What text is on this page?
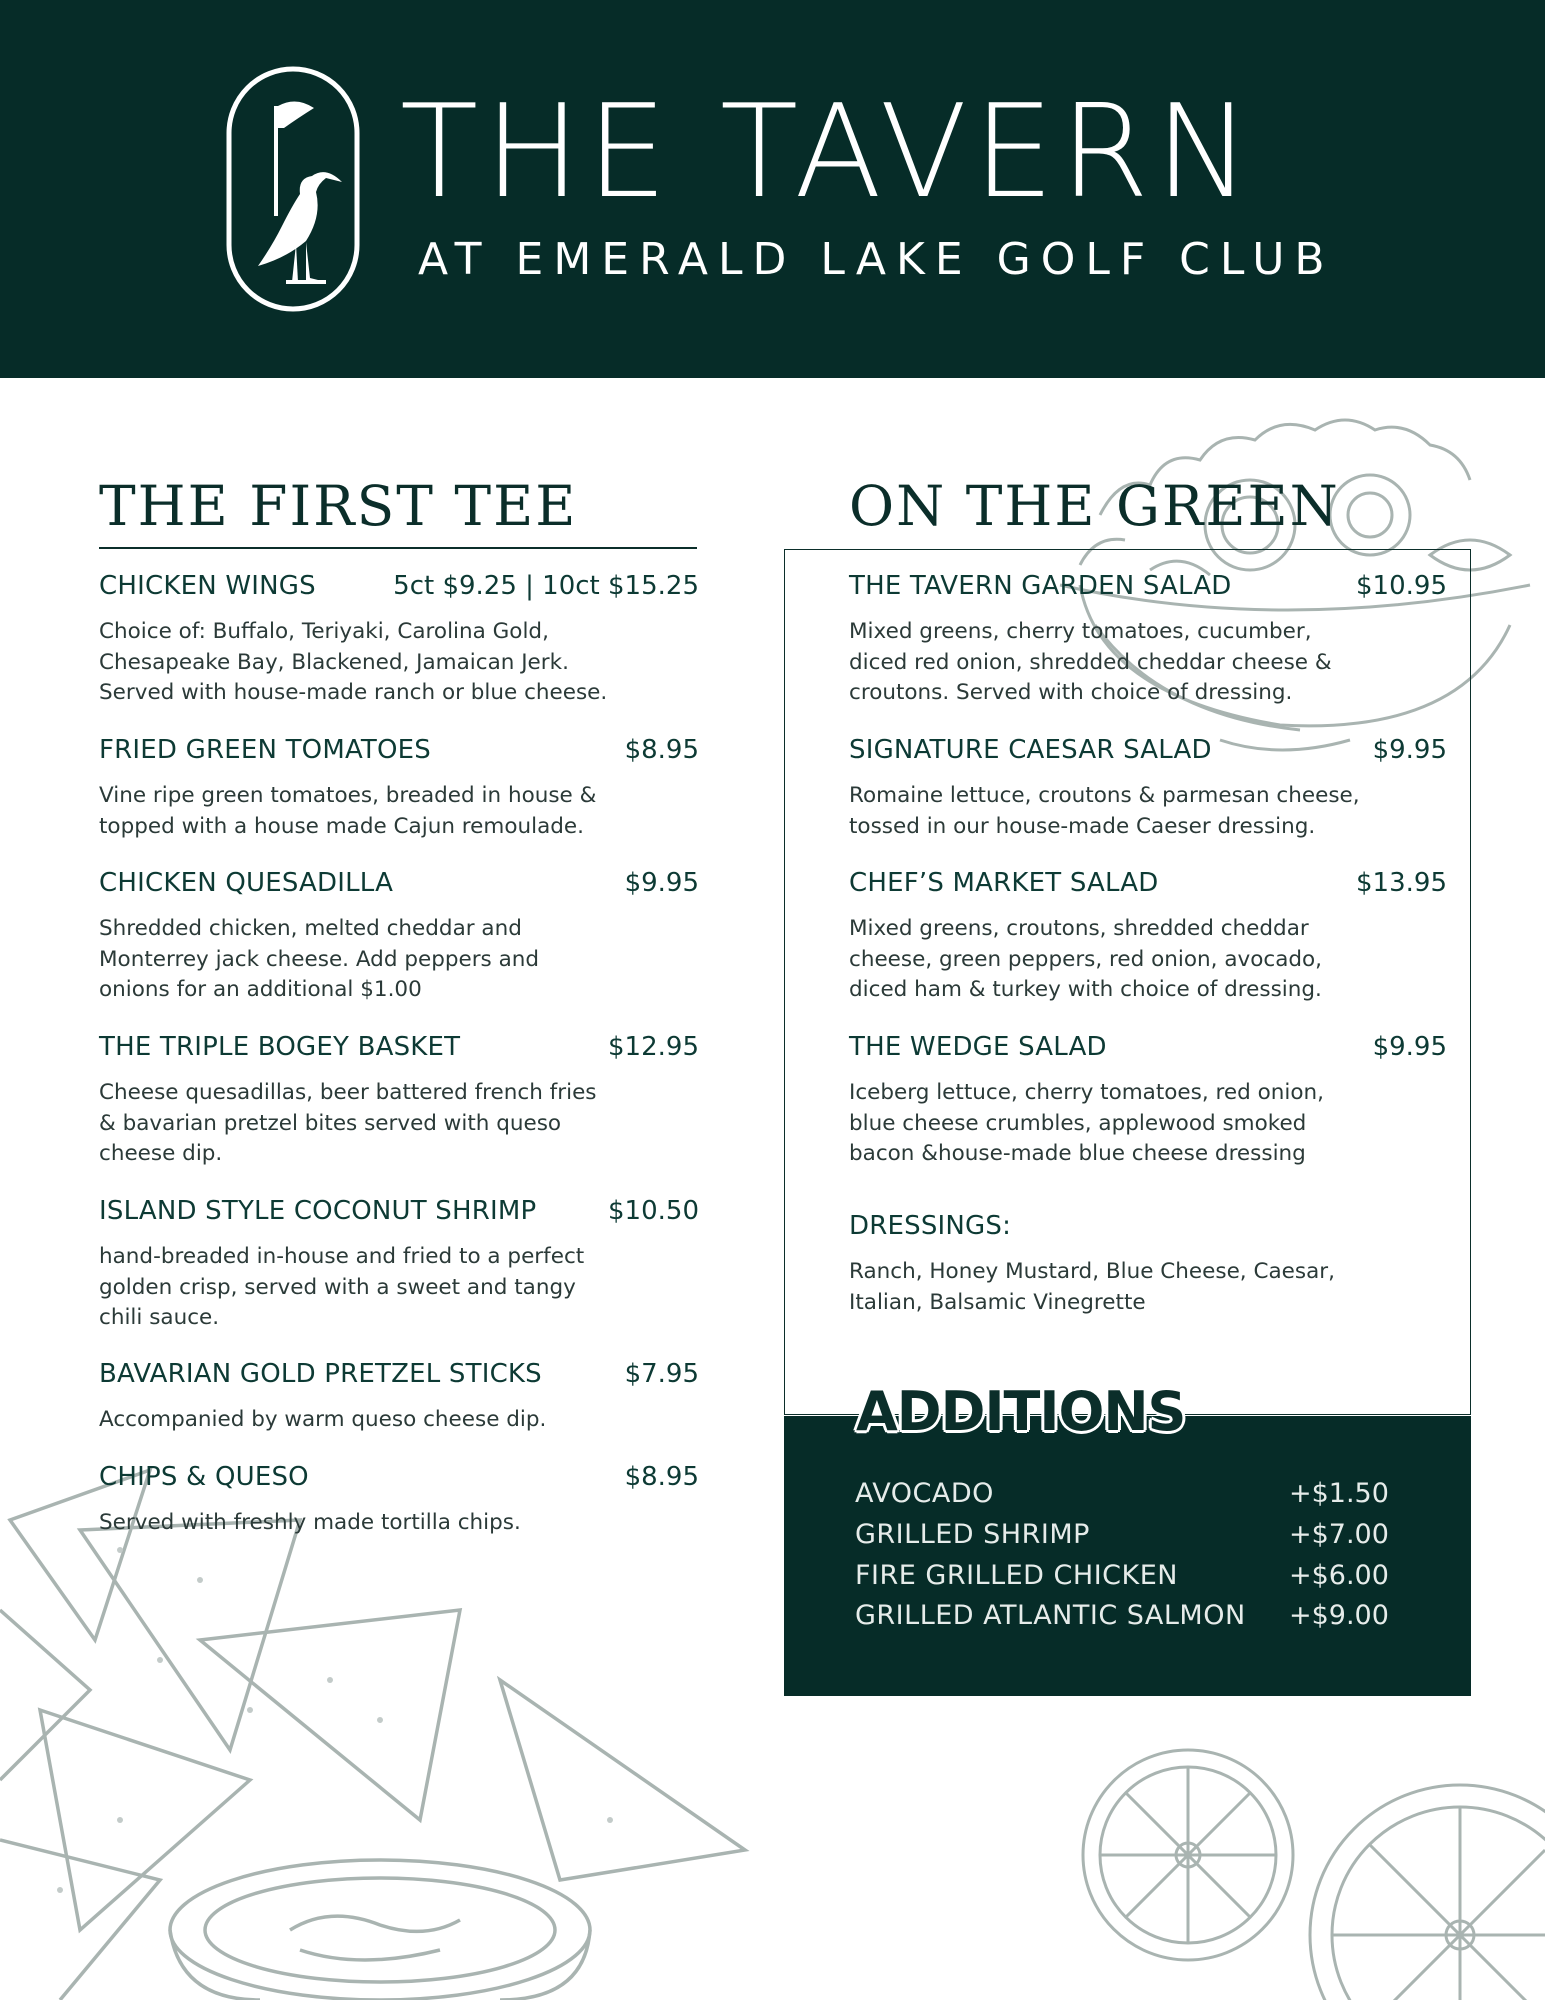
THE TAVERN
AT EMERALD LAKE GOLF CLUB
THE FIRST TEE
CHICKEN WINGS	5ct $9.25 | 10ct $15.25
Choice of: Buffalo, Teriyaki, Carolina Gold,
Chesapeake Bay, Blackened, Jamaican Jerk.
Served with house-made ranch or blue cheese.
FRIED GREEN TOMATOES	$8.95
Vine ripe green tomatoes, breaded in house &
topped with a house made Cajun remoulade.
CHICKEN QUESADILLA	$9.95
Shredded chicken, melted cheddar and
Monterrey jack cheese. Add peppers and
onions for an additional $1.00
THE TRIPLE BOGEY BASKET	$12.95
Cheese quesadillas, beer battered french fries
& bavarian pretzel bites served with queso
cheese dip.
ISLAND STYLE COCONUT SHRIMP	$10.50
hand-breaded in-house and fried to a perfect
golden crisp, served with a sweet and tangy
chili sauce.
BAVARIAN GOLD PRETZEL STICKS	$7.95
Accompanied by warm queso cheese dip.
CHIPS & QUESO	$8.95
Served with freshly made tortilla chips.
ON THE GREEN
THE TAVERN GARDEN SALAD	$10.95
Mixed greens, cherry tomatoes, cucumber,
diced red onion, shredded cheddar cheese &
croutons. Served with choice of dressing.
SIGNATURE CAESAR SALAD	$9.95
Romaine lettuce, croutons & parmesan cheese,
tossed in our house-made Caeser dressing.
CHEF’S MARKET SALAD	$13.95
Mixed greens, croutons, shredded cheddar
cheese, green peppers, red onion, avocado,
diced ham & turkey with choice of dressing.
THE WEDGE SALAD	$9.95
Iceberg lettuce, cherry tomatoes, red onion,
blue cheese crumbles, applewood smoked
bacon &house-made blue cheese dressing
DRESSINGS:
Ranch, Honey Mustard, Blue Cheese, Caesar,
Italian, Balsamic Vinegrette
ADDITIONS
AVOCADO	+$1.50
GRILLED SHRIMP	+$7.00
FIRE GRILLED CHICKEN	+$6.00
GRILLED ATLANTIC SALMON +$9.00
